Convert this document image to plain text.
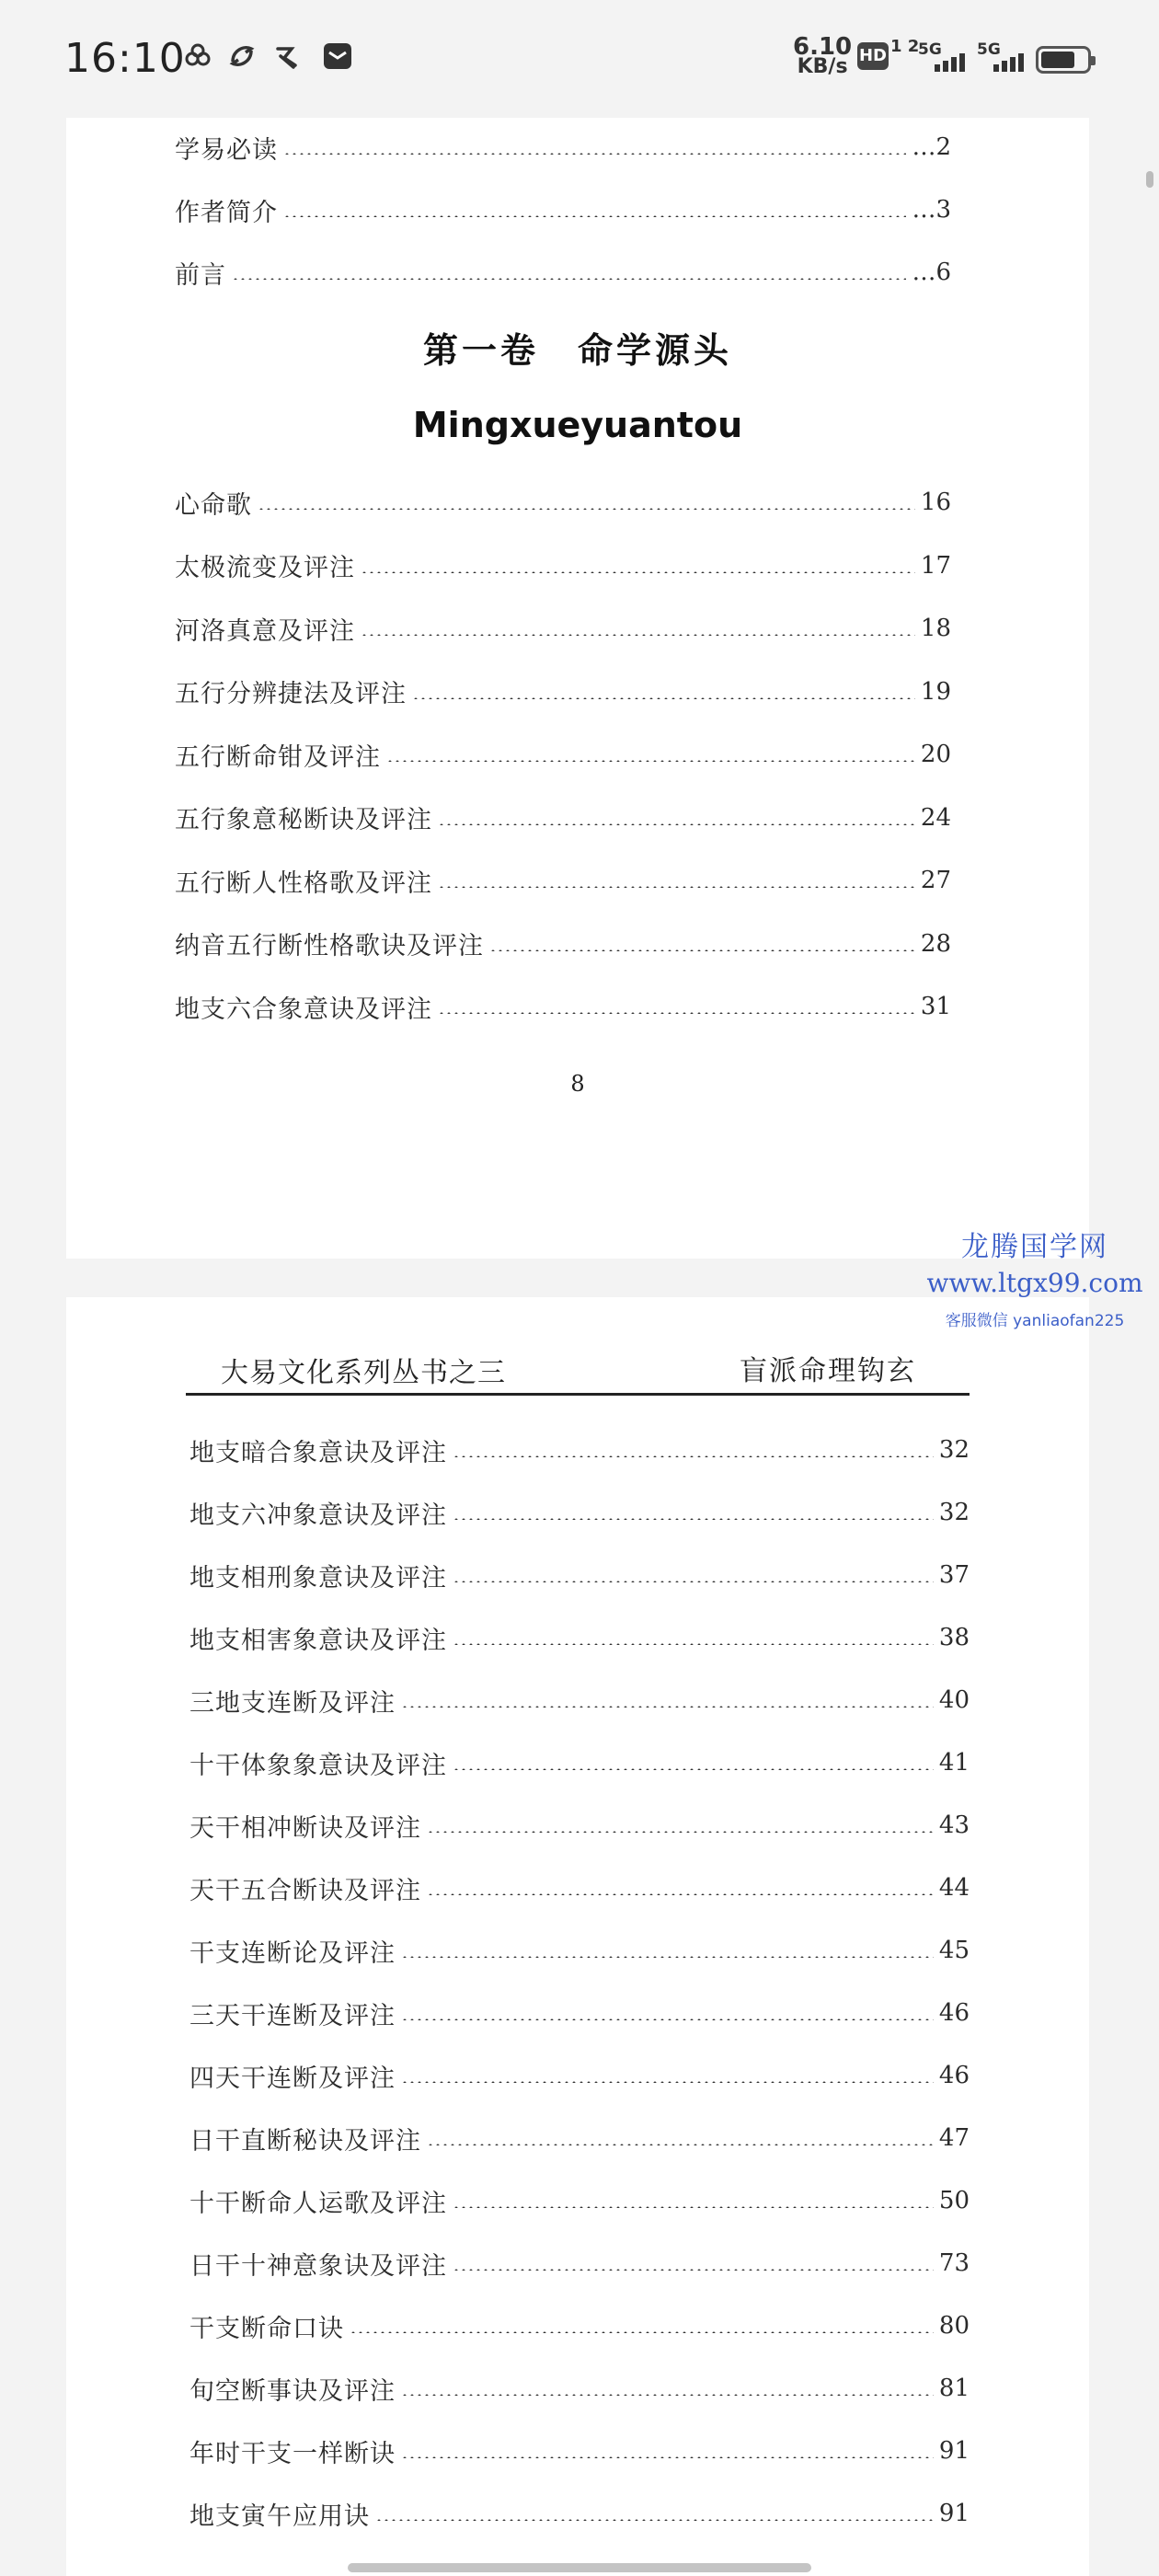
16:10	6.10
KB/s HD 1 2
5G 5G
学易必读	…2
作者简介	…3
前言	…6
第一卷　命学源头
Mingxueyuantou
心命歌	16
太极流变及评注	17
河洛真意及评注	18
五行分辨捷法及评注	19
五行断命钳及评注	20
五行象意秘断诀及评注	24
五行断人性格歌及评注	27
纳音五行断性格歌诀及评注	28
地支六合象意诀及评注	31
8
大易文化系列丛书之三	盲派命理钩玄
地支暗合象意诀及评注	32
地支六冲象意诀及评注	32
地支相刑象意诀及评注	37
地支相害象意诀及评注	38
三地支连断及评注	40
十干体象象意诀及评注	41
天干相冲断诀及评注	43
天干五合断诀及评注	44
干支连断论及评注	45
三天干连断及评注	46
四天干连断及评注	46
日干直断秘诀及评注	47
十干断命人运歌及评注	50
日干十神意象诀及评注	73
干支断命口诀	80
旬空断事诀及评注	81
年时干支一样断诀	91
地支寅午应用诀	91
龙腾国学网
www.ltgx99.com
客服微信 yanliaofan225
